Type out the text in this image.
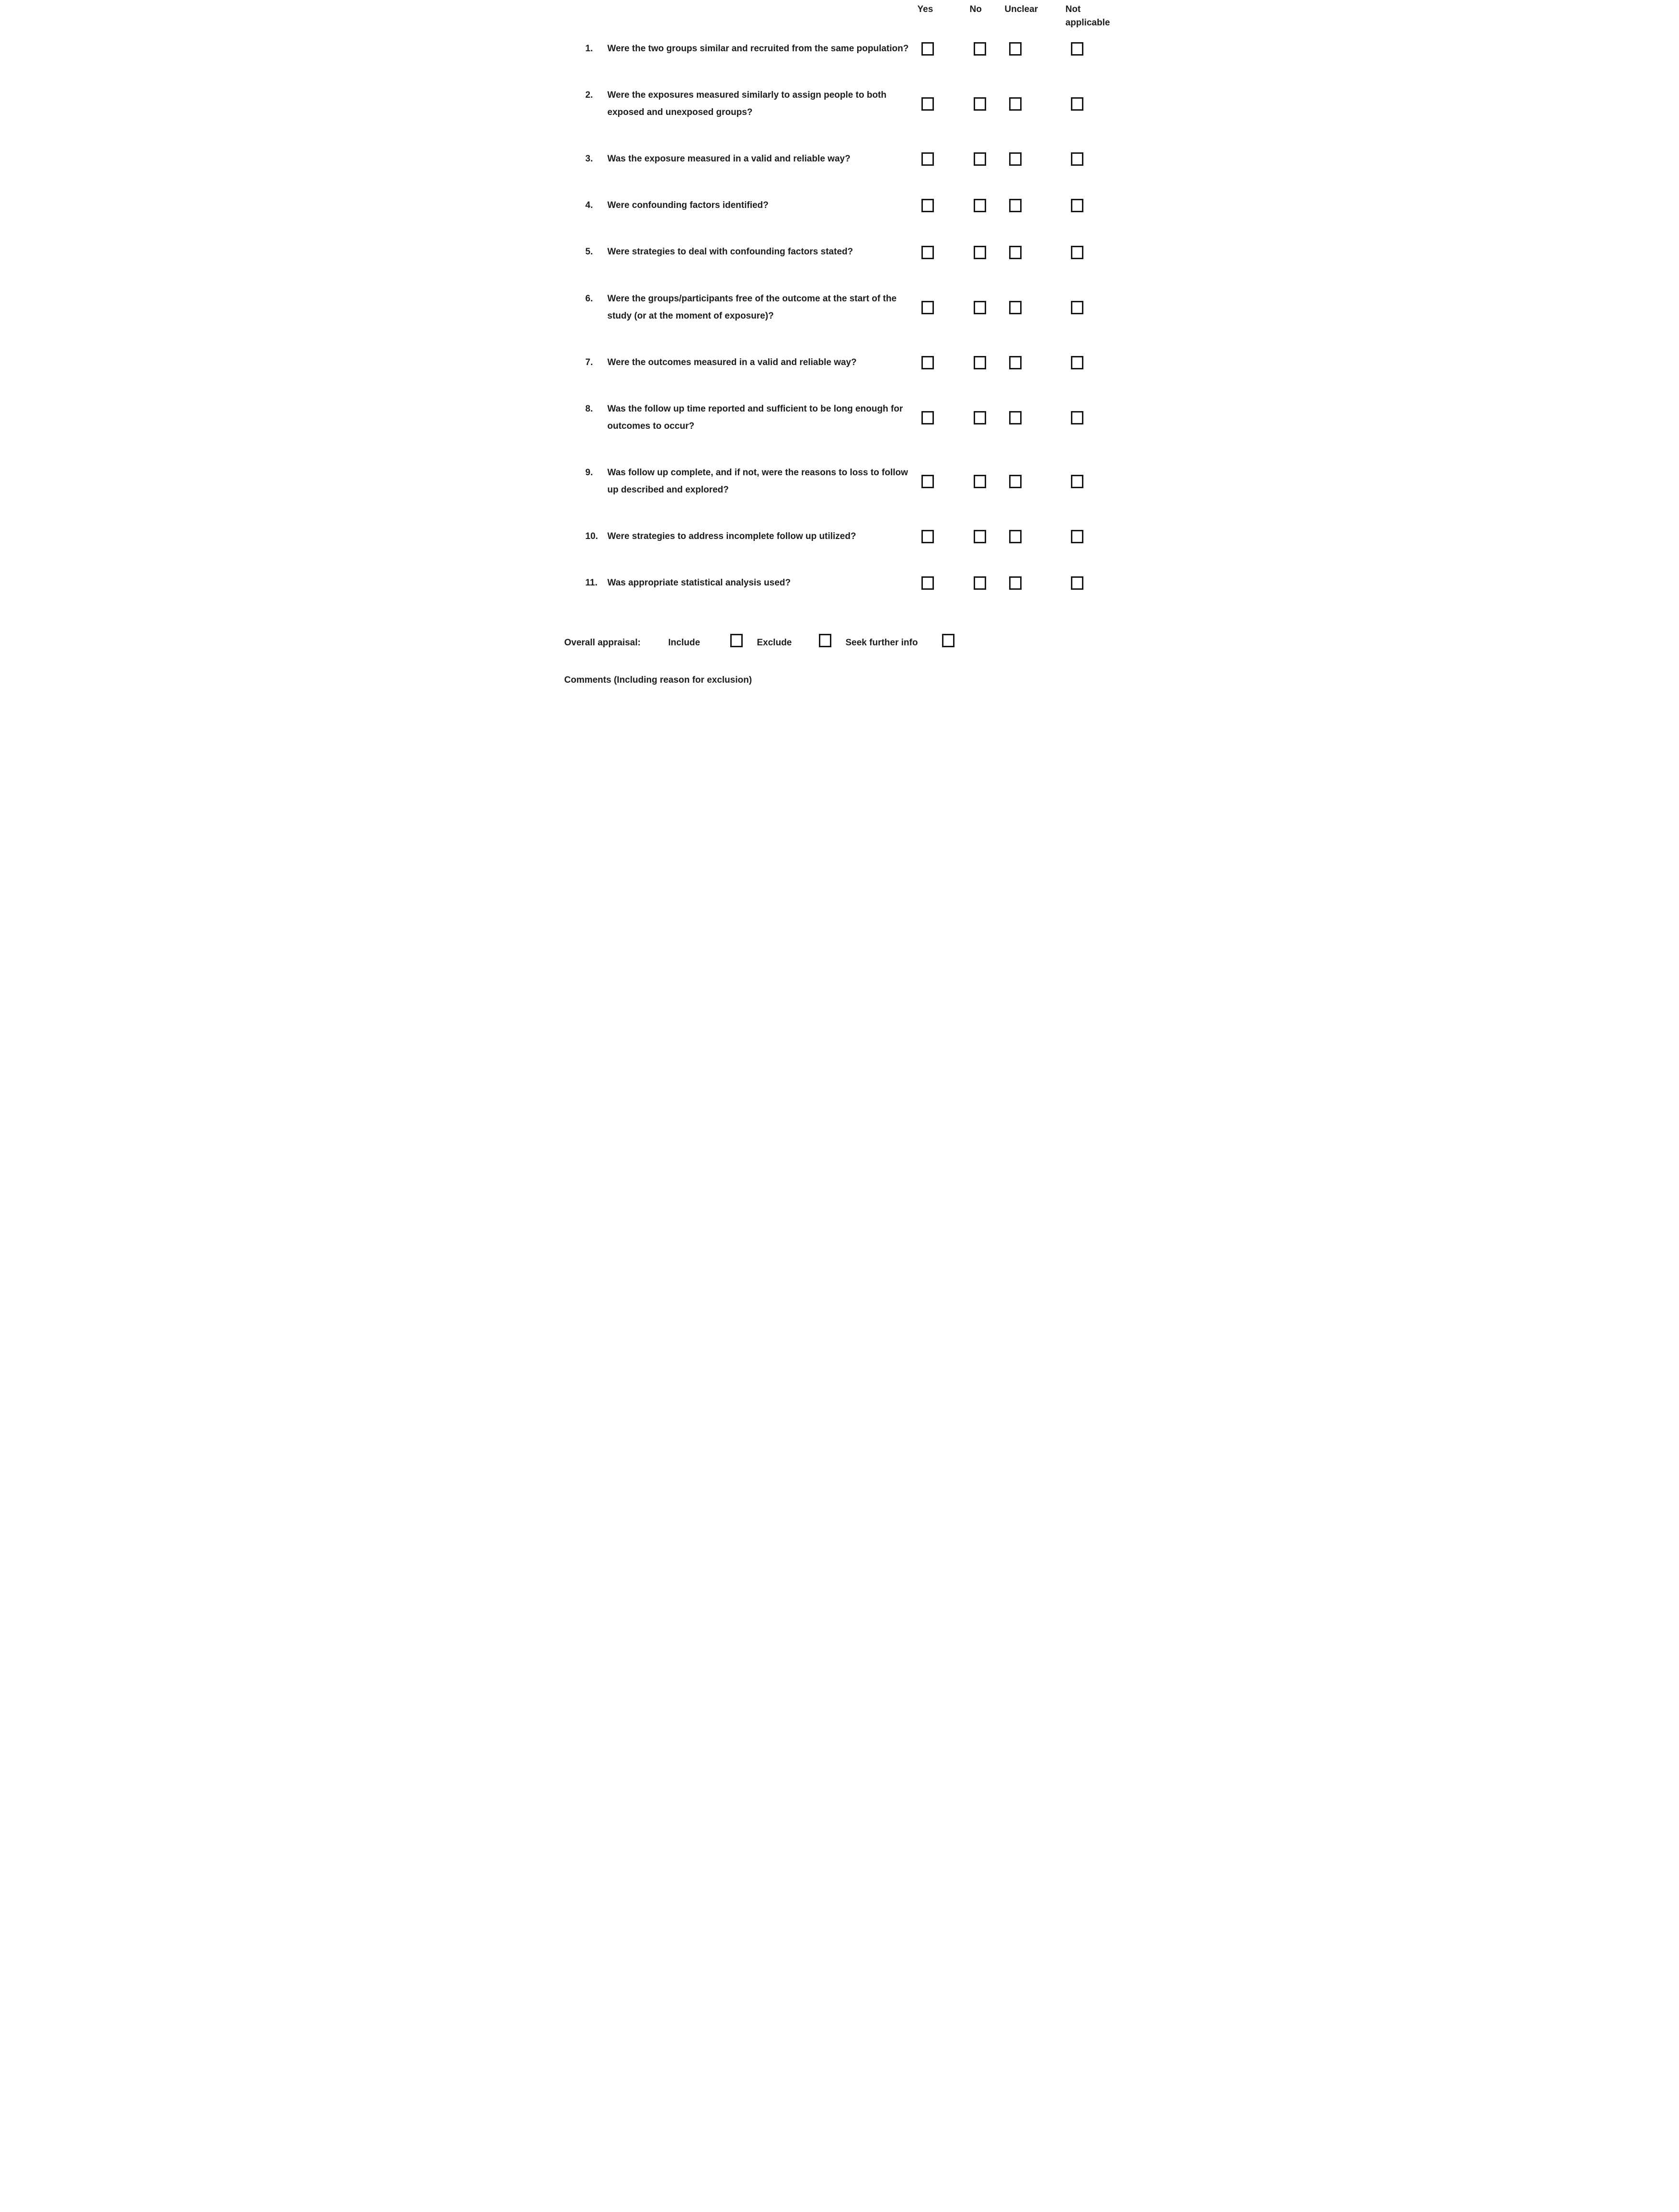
Yes	No	Unclear	Not applicable
1.	Were the two groups similar and recruited from the same population?
2.	Were the exposures measured similarly to assign people to both exposed and unexposed groups?
3.	Was the exposure measured in a valid and reliable way?
4.	Were confounding factors identified?
5.	Were strategies to deal with confounding factors stated?
6.	Were the groups/participants free of the outcome at the start of the study (or at the moment of exposure)?
7.	Were the outcomes measured in a valid and reliable way?
8.	Was the follow up time reported and sufficient to be long enough for outcomes to occur?
9.	Was follow up complete, and if not, were the reasons to loss to follow up described and explored?
10.	Were strategies to address incomplete follow up utilized?
11.	Was appropriate statistical analysis used?
Overall appraisal:	Include	Exclude	Seek further info
Comments (Including reason for exclusion)
